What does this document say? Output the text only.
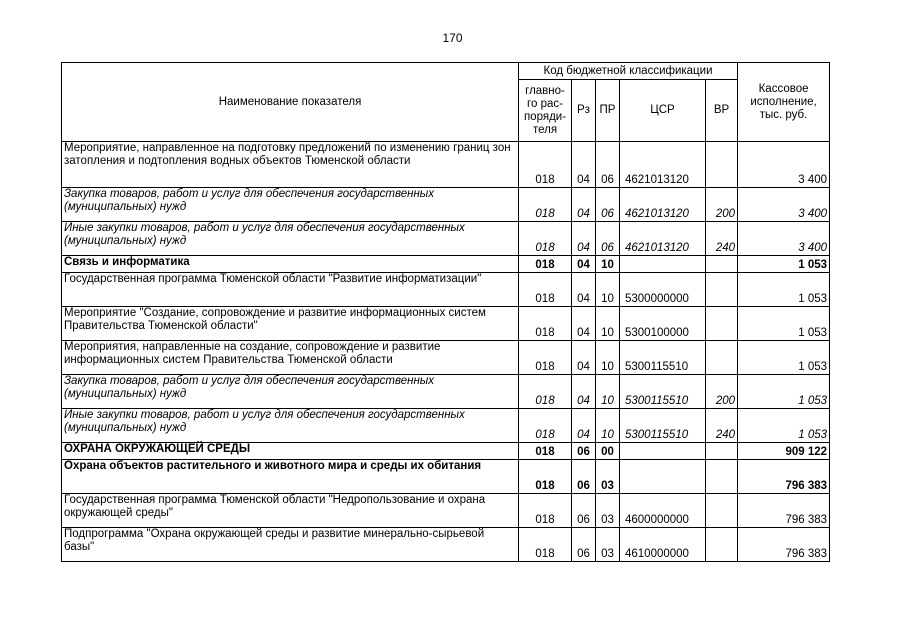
170
Наименование показателя	Код бюджетной классификации					Кассовое исполнение, тыс. руб.
	главно-го рас-поряди-теля	Рз	ПР	ЦСР	ВР	
Мероприятие, направленное на подготовку предложений по изменению границ зон затопления и подтопления водных объектов Тюменской области	018	04	06	4621013120		3 400
Закупка товаров, работ и услуг для обеспечения государственных (муниципальных) нужд	018	04	06	4621013120	200	3 400
Иные закупки товаров, работ и услуг для обеспечения государственных (муниципальных) нужд	018	04	06	4621013120	240	3 400
Связь и информатика	018	04	10			1 053
Государственная программа Тюменской области "Развитие информатизации"	018	04	10	5300000000		1 053
Мероприятие "Создание, сопровождение и развитие информационных систем Правительства Тюменской области"	018	04	10	5300100000		1 053
Мероприятия, направленные на создание, сопровождение и развитие информационных систем Правительства Тюменской области	018	04	10	5300115510		1 053
Закупка товаров, работ и услуг для обеспечения государственных (муниципальных) нужд	018	04	10	5300115510	200	1 053
Иные закупки товаров, работ и услуг для обеспечения государственных (муниципальных) нужд	018	04	10	5300115510	240	1 053
ОХРАНА ОКРУЖАЮЩЕЙ СРЕДЫ	018	06	00			909 122
Охрана объектов растительного и животного мира и среды их обитания	018	06	03			796 383
Государственная программа Тюменской области "Недропользование и охрана окружающей среды"	018	06	03	4600000000		796 383
Подпрограмма "Охрана окружающей среды и развитие минерально-сырьевой базы"	018	06	03	4610000000		796 383
